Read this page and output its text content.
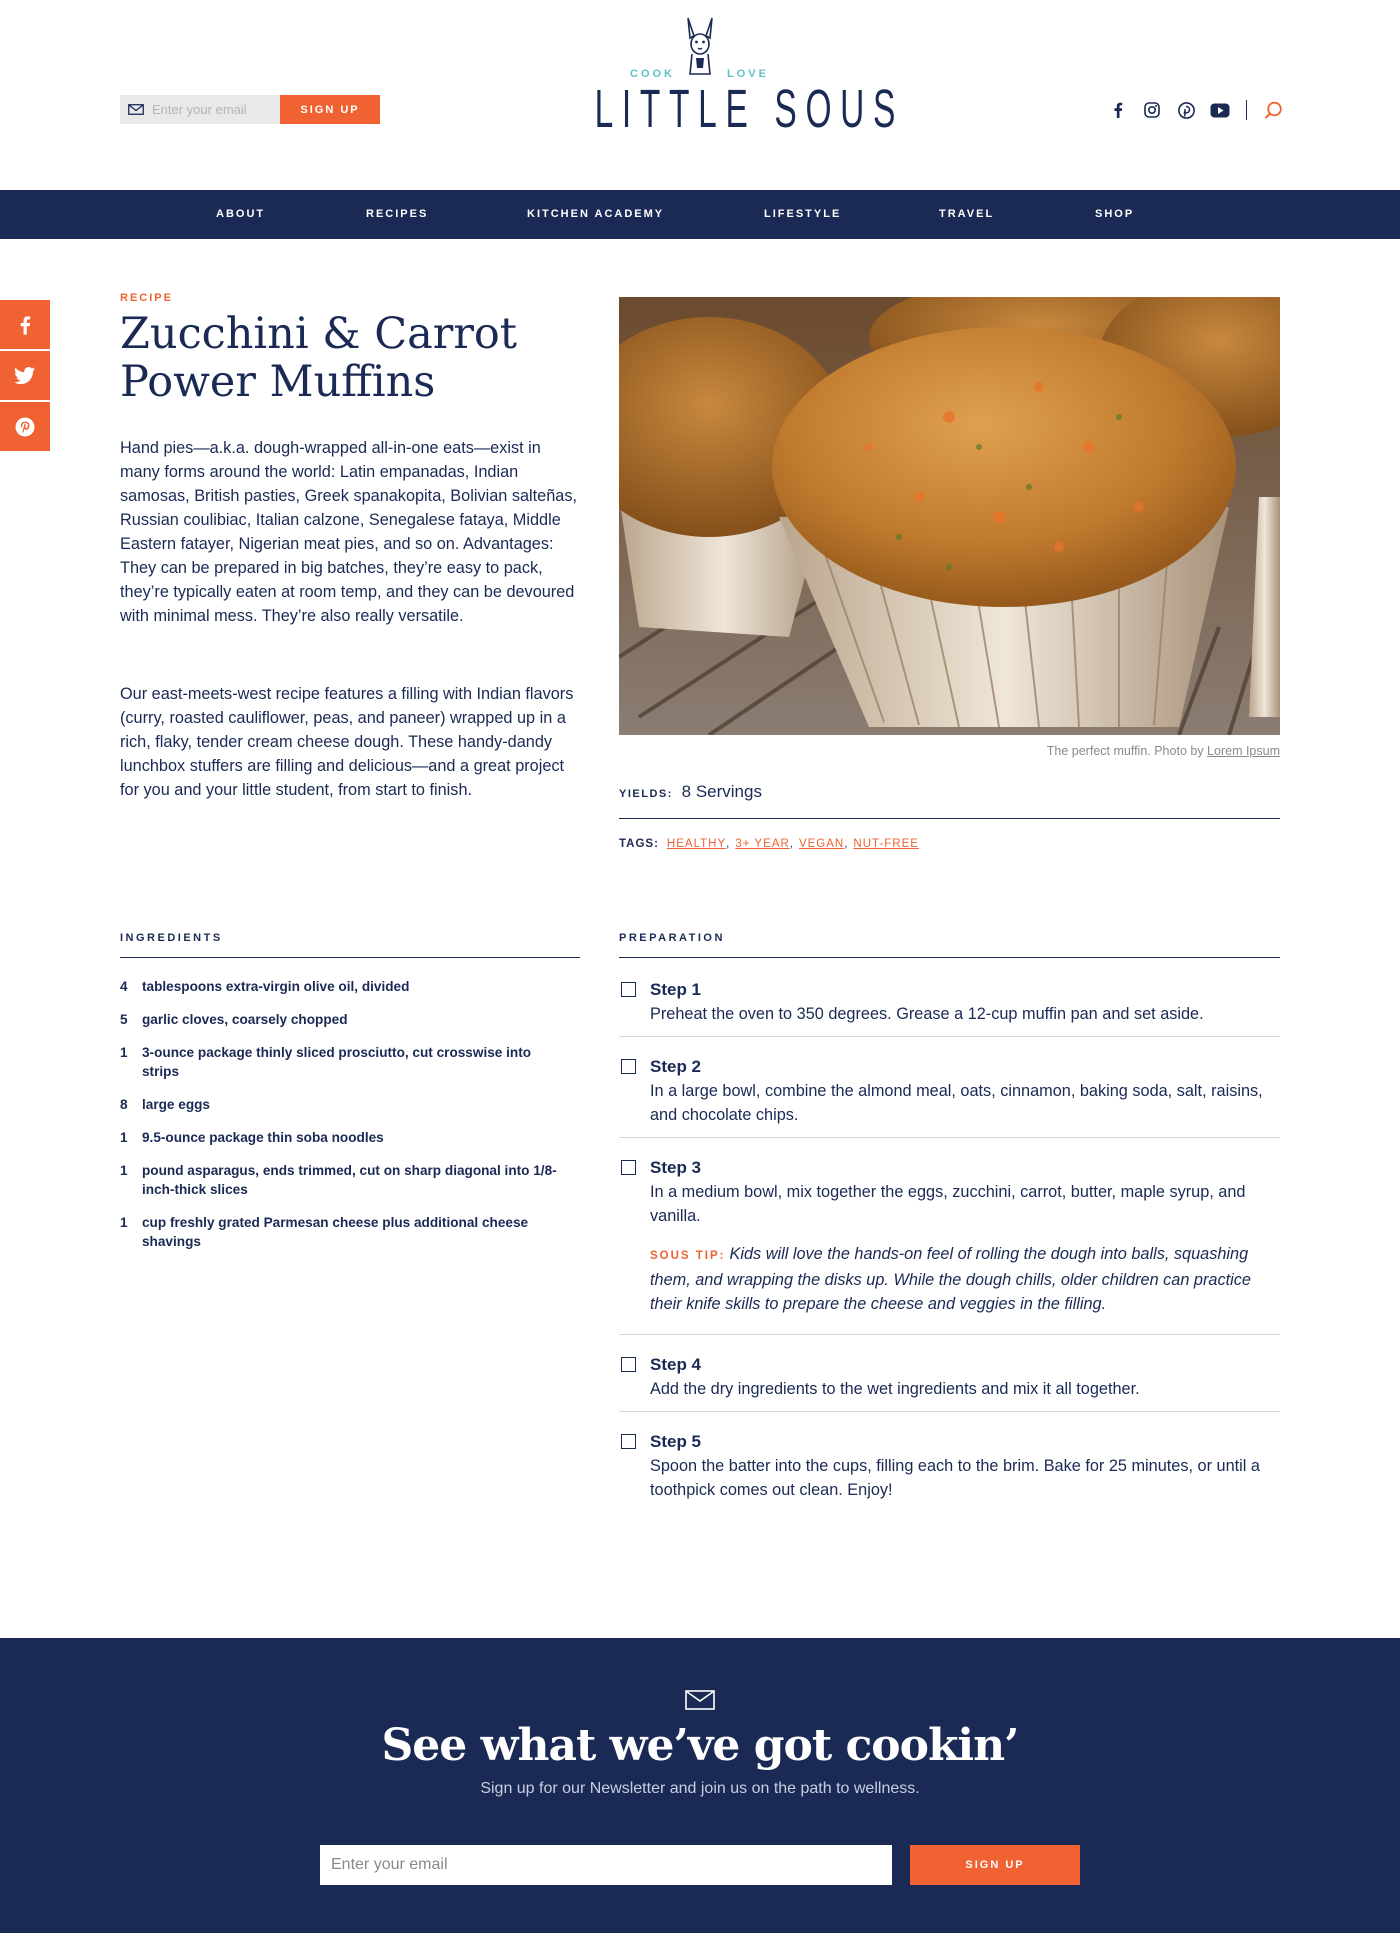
Enter your email
SIGN UP
COOK	LOVE
LITTLE SOUS
ABOUT	RECIPES	KITCHEN ACADEMY	LIFESTYLE	TRAVEL	SHOP
RECIPE
Zucchini & Carrot Power Muffins

Hand pies—a.k.a. dough-wrapped all-in-one eats—exist in many forms around the world: Latin empanadas, Indian samosas, British pasties, Greek spanakopita, Bolivian salteñas, Russian coulibiac, Italian calzone, Senegalese fataya, Middle Eastern fatayer, Nigerian meat pies, and so on. Advantages: They can be prepared in big batches, they’re easy to pack, they’re typically eaten at room temp, and they can be devoured with minimal mess. They’re also really versatile.

Our east-meets-west recipe features a filling with Indian flavors (curry, roasted cauliflower, peas, and paneer) wrapped up in a rich, flaky, tender cream cheese dough. These handy-dandy lunchbox stuffers are filling and delicious—and a great project for you and your little student, from start to finish.

The perfect muffin. Photo by Lorem Ipsum
YIELDS: 8 Servings
TAGS: HEALTHY , 3+ YEAR , VEGAN , NUT-FREE
INGREDIENTS
4	tablespoons extra-virgin olive oil, divided
5	garlic cloves, coarsely chopped
1	3-ounce package thinly sliced prosciutto, cut crosswise into strips
8	large eggs
1	9.5-ounce package thin soba noodles
1	pound asparagus, ends trimmed, cut on sharp diagonal into 1/8-inch-thick slices
1	cup freshly grated Parmesan cheese plus additional cheese shavings
PREPARATION
Step 1
Preheat the oven to 350 degrees. Grease a 12-cup muffin pan and set aside.
Step 2
In a large bowl, combine the almond meal, oats, cinnamon, baking soda, salt, raisins, and chocolate chips.
Step 3
In a medium bowl, mix together the eggs, zucchini, carrot, butter, maple syrup, and vanilla.
SOUS TIP: Kids will love the hands-on feel of rolling the dough into balls, squashing them, and wrapping the disks up. While the dough chills, older children can practice their knife skills to prepare the cheese and veggies in the filling.
Step 4
Add the dry ingredients to the wet ingredients and mix it all together.
Step 5
Spoon the batter into the cups, filling each to the brim. Bake for 25 minutes, or until a toothpick comes out clean. Enjoy!
See what we’ve got cookin’
Sign up for our Newsletter and join us on the path to wellness.
Enter your email
SIGN UP
